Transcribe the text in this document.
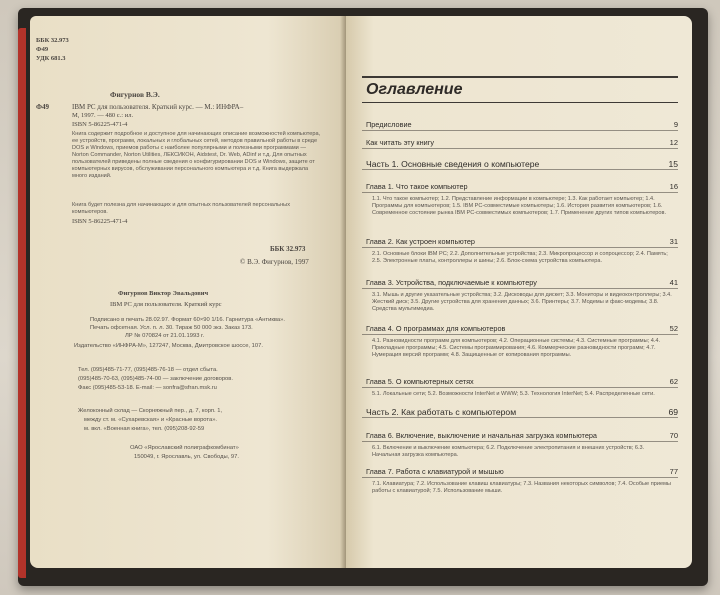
ББК 32.973
Ф49
УДК 681.3
Фигурнов В.Э.
Ф49	IBM PC для пользователя. Краткий курс. — М.: ИНФРА–
М, 1997. — 480 с.: ил.
ISBN 5-86225-471-4
Книга содержит подробное и доступное для начинающих описание возможностей компьютера, ее устройств, программ, локальных и глобальных сетей, методов правильной работы в среде DOS и Windows, приемов работы с наиболее популярными и полезными программами — Norton Commander, Norton Utilities, ЛЕКСИКОН, Aidstest, Dr. Web, ADinf и т.д. Для опытных пользователей приведены полные сведения о конфигурировании DOS и Windows, защите от компьютерных вирусов, обслуживании персонального компьютера и т.д. Книга выдержала много изданий.
Книга будет полезна для начинающих и для опытных пользователей персональных компьютеров.
ISBN 5-86225-471-4
ББК 32.973
© В.Э. Фигурнов, 1997
Фигурнов Виктор Эвальдович
IBM PC для пользователя. Краткий курс
Подписано в печать 28.02.97. Формат 60×90 1/16. Гарнитура «Антиква».
Печать офсетная. Усл. п. л. 30. Тираж 50 000 экз. Заказ 173.
ЛР № 070824 от 21.01.1993 г.
Издательство «ИНФРА-М», 127247, Москва, Дмитровское шоссе, 107.
Тел. (095)485-71-77, (095)485-76-18 — отдел сбыта.
(095)485-70-63, (095)485-74-00 — заключение договоров.
Факс (095)485-53-18. E-mail: — sonfra@sfran.msk.ru
Желоконный склад — Скорняжный пер., д. 7, корп. 1,
между ст. м. «Сухаревская» и «Красные ворота».
м. вкл. «Военная книга», тел. (095)208-92-59
ОАО «Ярославский полиграфкомбинат»
150049, г. Ярославль, ул. Свободы, 97.
Оглавление
Предисловие	9
Как читать эту книгу	12
Часть 1. Основные сведения о компьютере	15
Глава 1. Что такое компьютер	16
1.1. Что такое компьютер; 1.2. Представление информации в компьютере; 1.3. Как работает компьютер; 1.4. Программы для компьютеров; 1.5. IBM PC-совместимые компьютеры; 1.6. История развития компьютеров; 1.6. Современное состояние рынка IBM PC-совместимых компьютеров; 1.7. Применение других типов компьютеров.
Глава 2. Как устроен компьютер	31
2.1. Основные блоки IBM PC; 2.2. Дополнительные устройства; 2.3. Микропроцессор и сопроцессор; 2.4. Память; 2.5. Электронные платы, контроллеры и шины; 2.6. Блок-схема устройства компьютера.
Глава 3. Устройства, подключаемые к компьютеру	41
3.1. Мышь и другие указательные устройства; 3.2. Дисководы для дискет; 3.3. Мониторы и видеоконтроллеры; 3.4. Жесткий диск; 3.5. Другие устройства для хранения данных; 3.6. Принтеры; 3.7. Модемы и факс-модемы; 3.8. Средства мультимедиа.
Глава 4. О программах для компьютеров	52
4.1. Разновидности программ для компьютеров; 4.2. Операционные системы; 4.3. Системные программы; 4.4. Прикладные программы; 4.5. Системы программирования; 4.6. Коммерческие разновидности программ; 4.7. Нумерация версий программ; 4.8. Защищенные от копирования программы.
Глава 5. О компьютерных сетях	62
5.1. Локальные сети; 5.2. Возможности InterNet и WWW; 5.3. Технология InterNet; 5.4. Распределенные сети.
Часть 2. Как работать с компьютером	69
Глава 6. Включение, выключение и начальная загрузка компьютера	70
6.1. Включение и выключение компьютера; 6.2. Подключение электропитания и внешних устройств; 6.3. Начальная загрузка компьютера.
Глава 7. Работа с клавиатурой и мышью	77
7.1. Клавиатура; 7.2. Использование клавиш клавиатуры; 7.3. Названия некоторых символов; 7.4. Особые приемы работы с клавиатурой; 7.5. Использование мыши.
